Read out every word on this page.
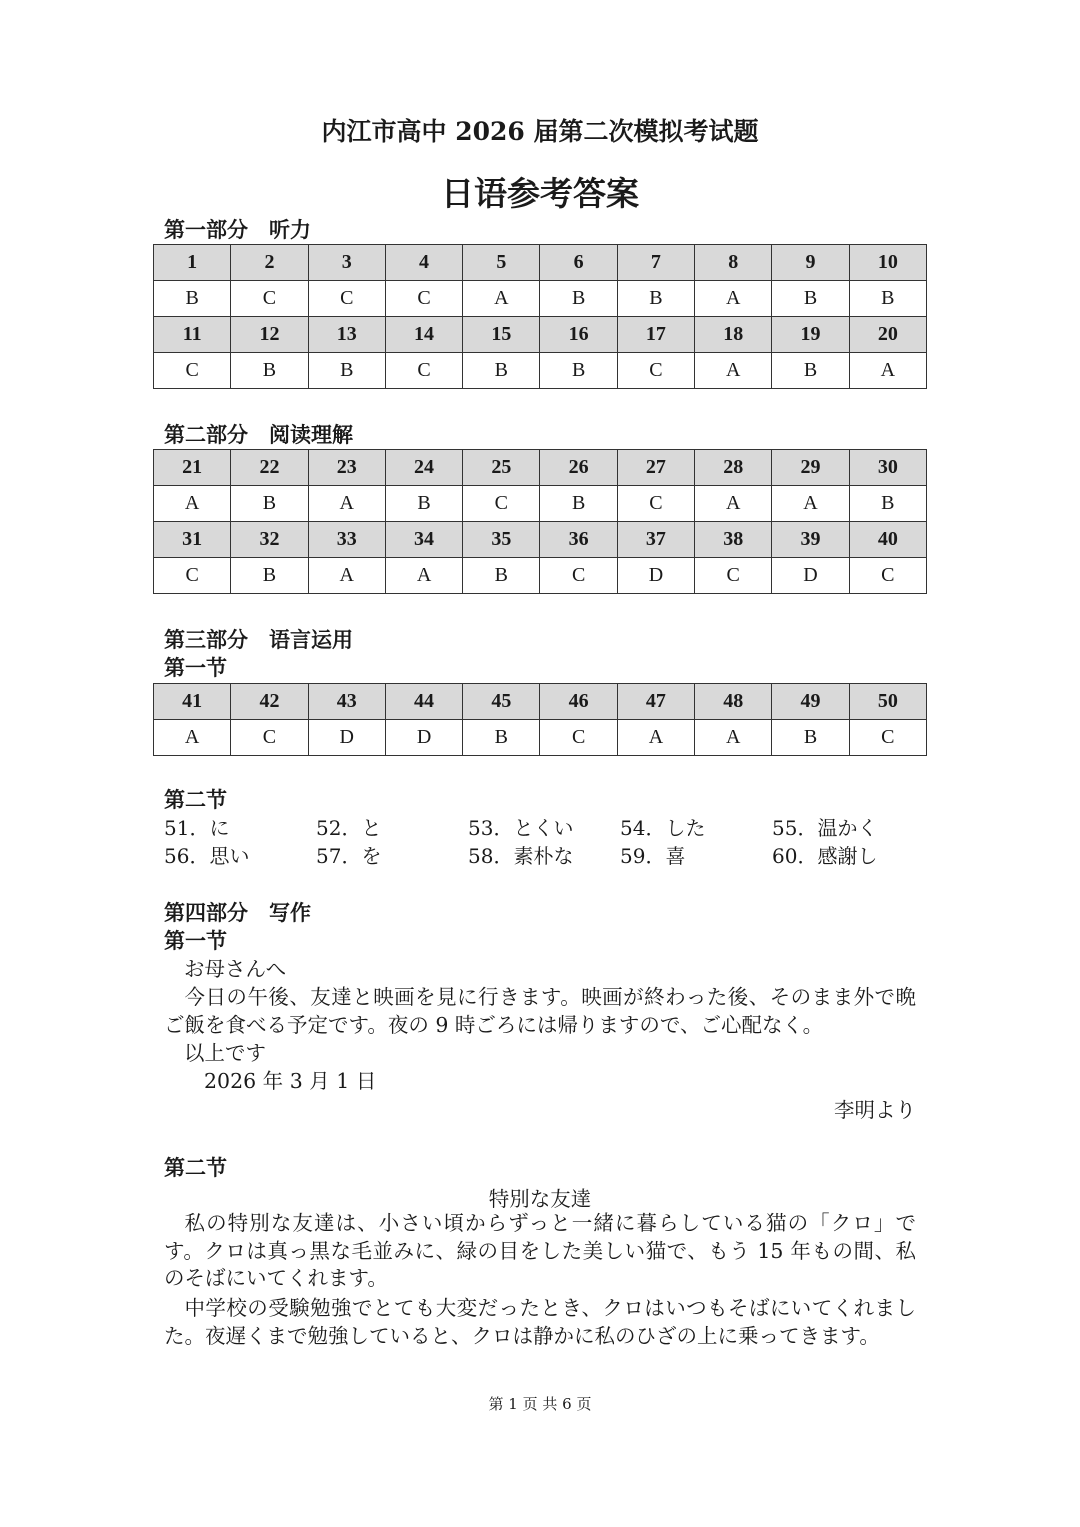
内江市高中 2026 届第二次模拟考试题
日语参考答案
第一部分　听力
1	2	3	4	5	6	7	8	9	10
B	C	C	C	A	B	B	A	B	B
11	12	13	14	15	16	17	18	19	20
C	B	B	C	B	B	C	A	B	A
第二部分　阅读理解
21	22	23	24	25	26	27	28	29	30
A	B	A	B	C	B	C	A	A	B
31	32	33	34	35	36	37	38	39	40
C	B	A	A	B	C	D	C	D	C
第三部分　语言运用
第一节
41	42	43	44	45	46	47	48	49	50
A	C	D	D	B	C	A	A	B	C
第二节
51．に	52．と	53．とくい	54．した	55．温かく
56．思い	57．を	58．素朴な	59．喜	60．感謝し
第四部分　写作
第一节
お母さんへ
今日の午後、友達と映画を見に行きます。映画が終わった後、そのまま外で晩ご飯を食べる予定です。夜の 9 時ごろには帰りますので、ご心配なく。
以上です
2026 年 3 月 1 日
李明より
第二节
特別な友達
私の特別な友達は、小さい頃からずっと一緒に暮らしている猫の「クロ」です。クロは真っ黒な毛並みに、緑の目をした美しい猫で、もう 15 年もの間、私のそばにいてくれます。
中学校の受験勉強でとても大変だったとき、クロはいつもそばにいてくれました。夜遅くまで勉強していると、クロは静かに私のひざの上に乗ってきます。
第 1 页 共 6 页
